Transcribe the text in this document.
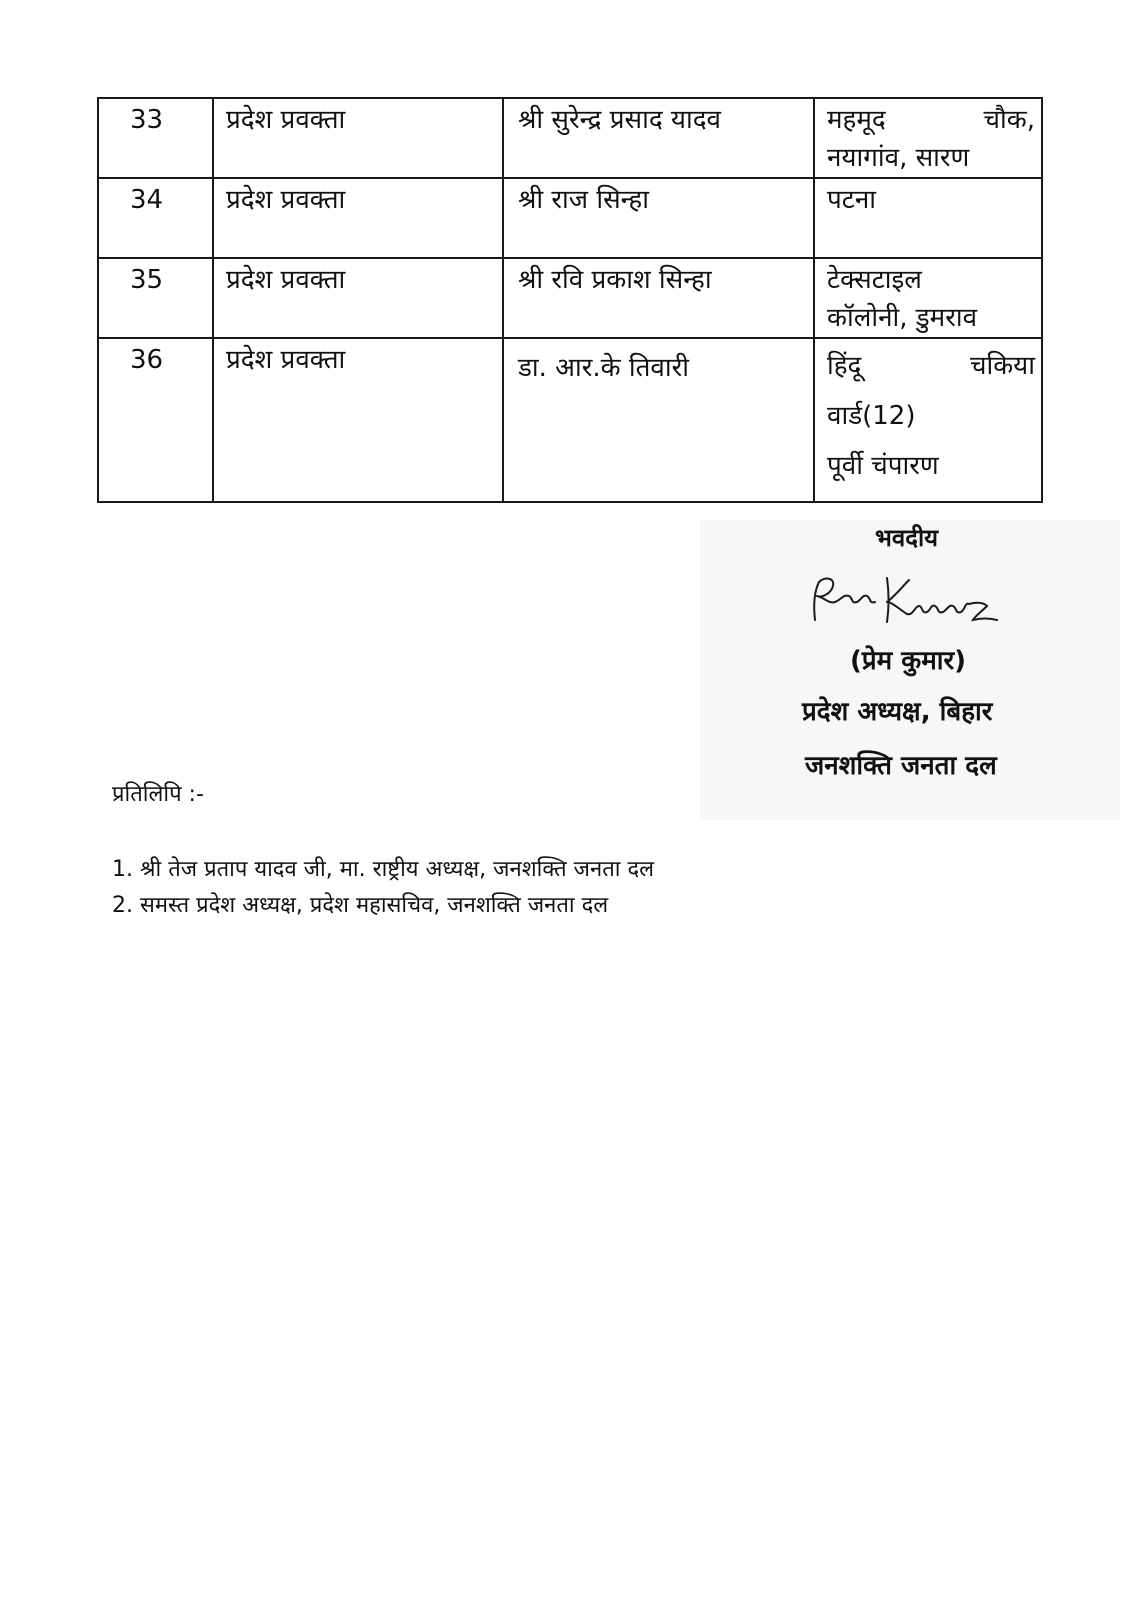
33	प्रदेश प्रवक्ता	श्री सुरेन्द्र प्रसाद यादव	महमूद चौक,
नयागांव, सारण

34	प्रदेश प्रवक्ता	श्री राज सिन्हा	पटना

35	प्रदेश प्रवक्ता	श्री रवि प्रकाश सिन्हा	टेक्सटाइल
कॉलोनी, डुमराव

36	प्रदेश प्रवक्ता	डा. आर.के तिवारी	हिंदू चकिया
वार्ड(12)
पूर्वी चंपारण
भवदीय
(प्रेम कुमार)
प्रदेश अध्यक्ष, बिहार
जनशक्ति जनता दल
प्रतिलिपि :-
1. श्री तेज प्रताप यादव जी, मा. राष्ट्रीय अध्यक्ष, जनशक्ति जनता दल
2. समस्त प्रदेश अध्यक्ष, प्रदेश महासचिव, जनशक्ति जनता दल
